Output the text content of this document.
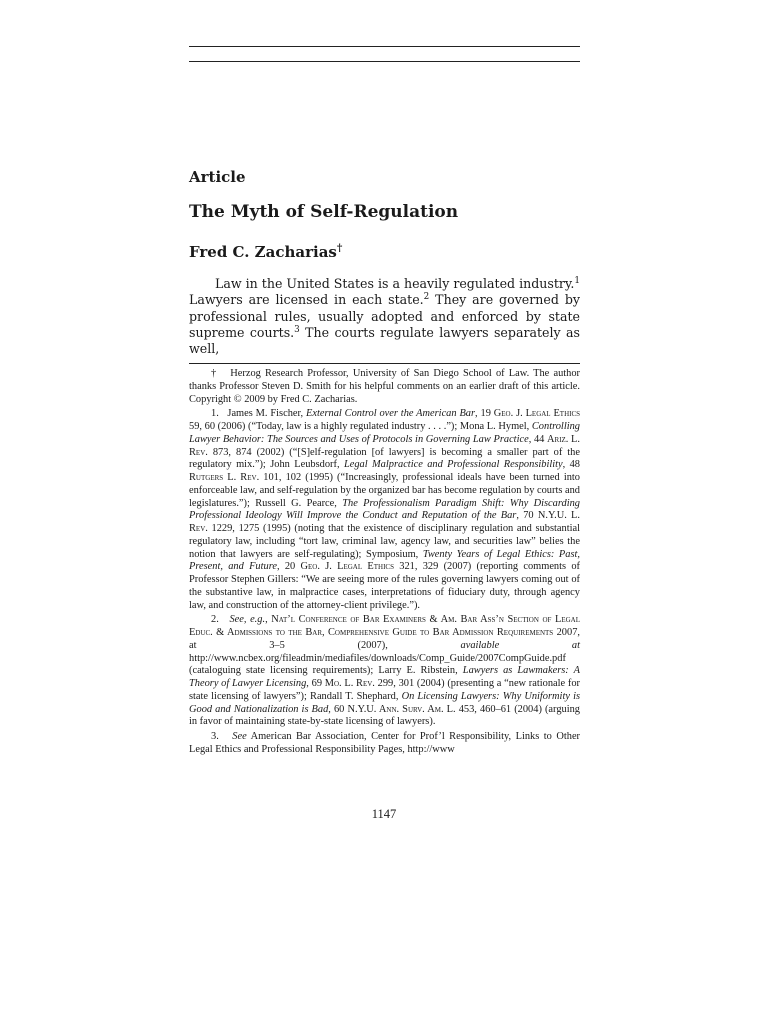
Article
The Myth of Self-Regulation
Fred C. Zacharias†

Law in the United States is a heavily regulated industry.$^1$ Lawyers are licensed in each state.$^2$ They are governed by professional rules, usually adopted and enforced by state supreme courts.$^3$ The courts regulate lawyers separately as well,

† Herzog Research Professor, University of San Diego School of Law. The author thanks Professor Steven D. Smith for his helpful comments on an earlier draft of this article. Copyright © 2009 by Fred C. Zacharias.

1. James M. Fischer, External Control over the American Bar, 19 Geo. J. Legal Ethics 59, 60 (2006) (“Today, law is a highly regulated industry . . . .”); Mona L. Hymel, Controlling Lawyer Behavior: The Sources and Uses of Protocols in Governing Law Practice, 44 Ariz. L. Rev. 873, 874 (2002) (“[S]elf-regulation [of lawyers] is becoming a smaller part of the regulatory mix.”); John Leubsdorf, Legal Malpractice and Professional Responsibility, 48 Rutgers L. Rev. 101, 102 (1995) (“Increasingly, professional ideals have been turned into enforceable law, and self-regulation by the organized bar has become regulation by courts and legislatures.”); Russell G. Pearce, The Professionalism Paradigm Shift: Why Discarding Professional Ideology Will Improve the Conduct and Reputation of the Bar, 70 N.Y.U. L. Rev. 1229, 1275 (1995) (noting that the existence of disciplinary regulation and substantial regulatory law, including “tort law, criminal law, agency law, and securities law” belies the notion that lawyers are self-regulating); Symposium, Twenty Years of Legal Ethics: Past, Present, and Future, 20 Geo. J. Legal Ethics 321, 329 (2007) (reporting comments of Professor Stephen Gillers: “We are seeing more of the rules governing lawyers coming out of the substantive law, in malpractice cases, interpretations of fiduciary duty, through agency law, and construction of the attorney-client privilege.”).

2. See, e.g., Nat’l Conference of Bar Examiners & Am. Bar Ass’n Section of Legal Educ. & Admissions to the Bar, Comprehensive Guide to Bar Admission Requirements 2007, at 3–5 (2007), available at http://www.ncbex.org/fileadmin/mediafiles/downloads/Comp_Guide/2007CompGuide.pdf (cataloguing state licensing requirements); Larry E. Ribstein, Lawyers as Lawmakers: A Theory of Lawyer Licensing, 69 Mo. L. Rev. 299, 301 (2004) (presenting a “new rationale for state licensing of lawyers”); Randall T. Shephard, On Licensing Lawyers: Why Uniformity is Good and Nationalization is Bad, 60 N.Y.U. Ann. Surv. Am. L. 453, 460–61 (2004) (arguing in favor of maintaining state-by-state licensing of lawyers).

3. See American Bar Association, Center for Prof’l Responsibility, Links to Other Legal Ethics and Professional Responsibility Pages, http://www

1147
